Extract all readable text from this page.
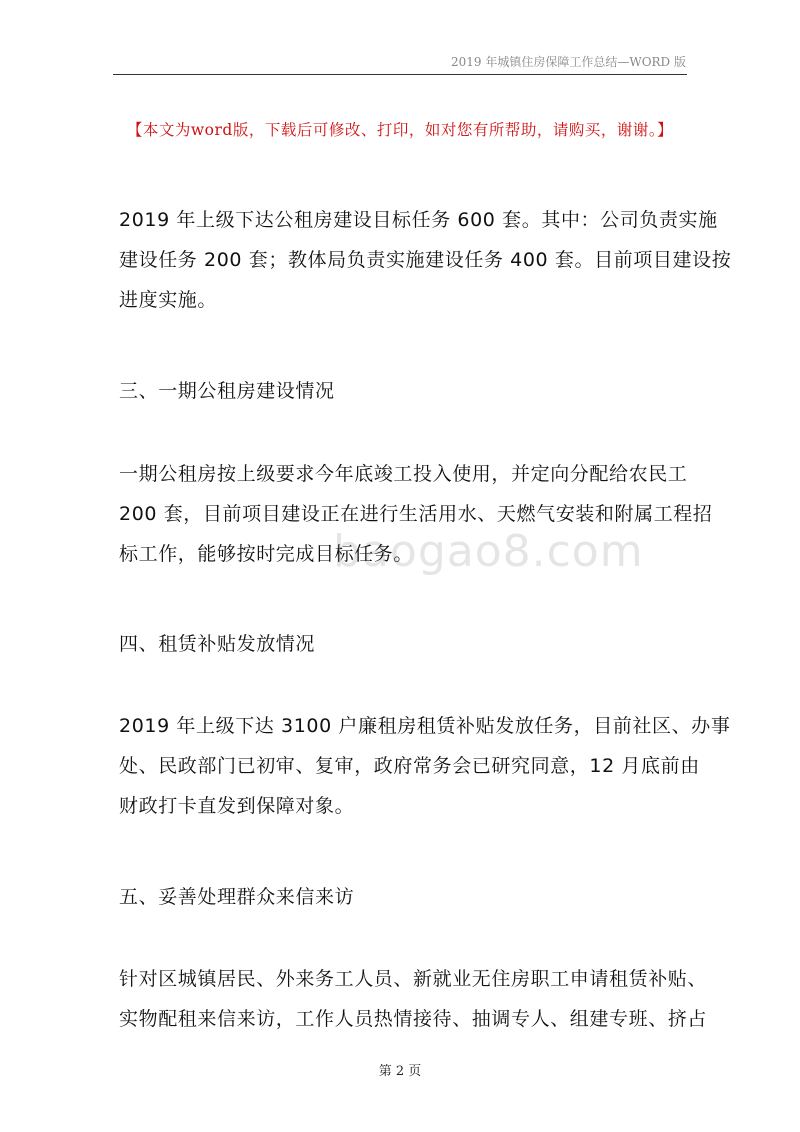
2019 年城镇住房保障工作总结—WORD 版
【本文为word版，下载后可修改、打印，如对您有所帮助，请购买，谢谢。】
baogao8.com
2019 年上级下达公租房建设目标任务 600 套。其中：公司负责实施
建设任务 200 套；教体局负责实施建设任务 400 套。目前项目建设按
进度实施。
三、一期公租房建设情况
一期公租房按上级要求今年底竣工投入使用，并定向分配给农民工
200 套，目前项目建设正在进行生活用水、天燃气安装和附属工程招
标工作，能够按时完成目标任务。
四、租赁补贴发放情况
2019 年上级下达 3100 户廉租房租赁补贴发放任务，目前社区、办事
处、民政部门已初审、复审，政府常务会已研究同意，12 月底前由
财政打卡直发到保障对象。
五、妥善处理群众来信来访
针对区城镇居民、外来务工人员、新就业无住房职工申请租赁补贴、
实物配租来信来访，工作人员热情接待、抽调专人、组建专班、挤占
第 2 页
